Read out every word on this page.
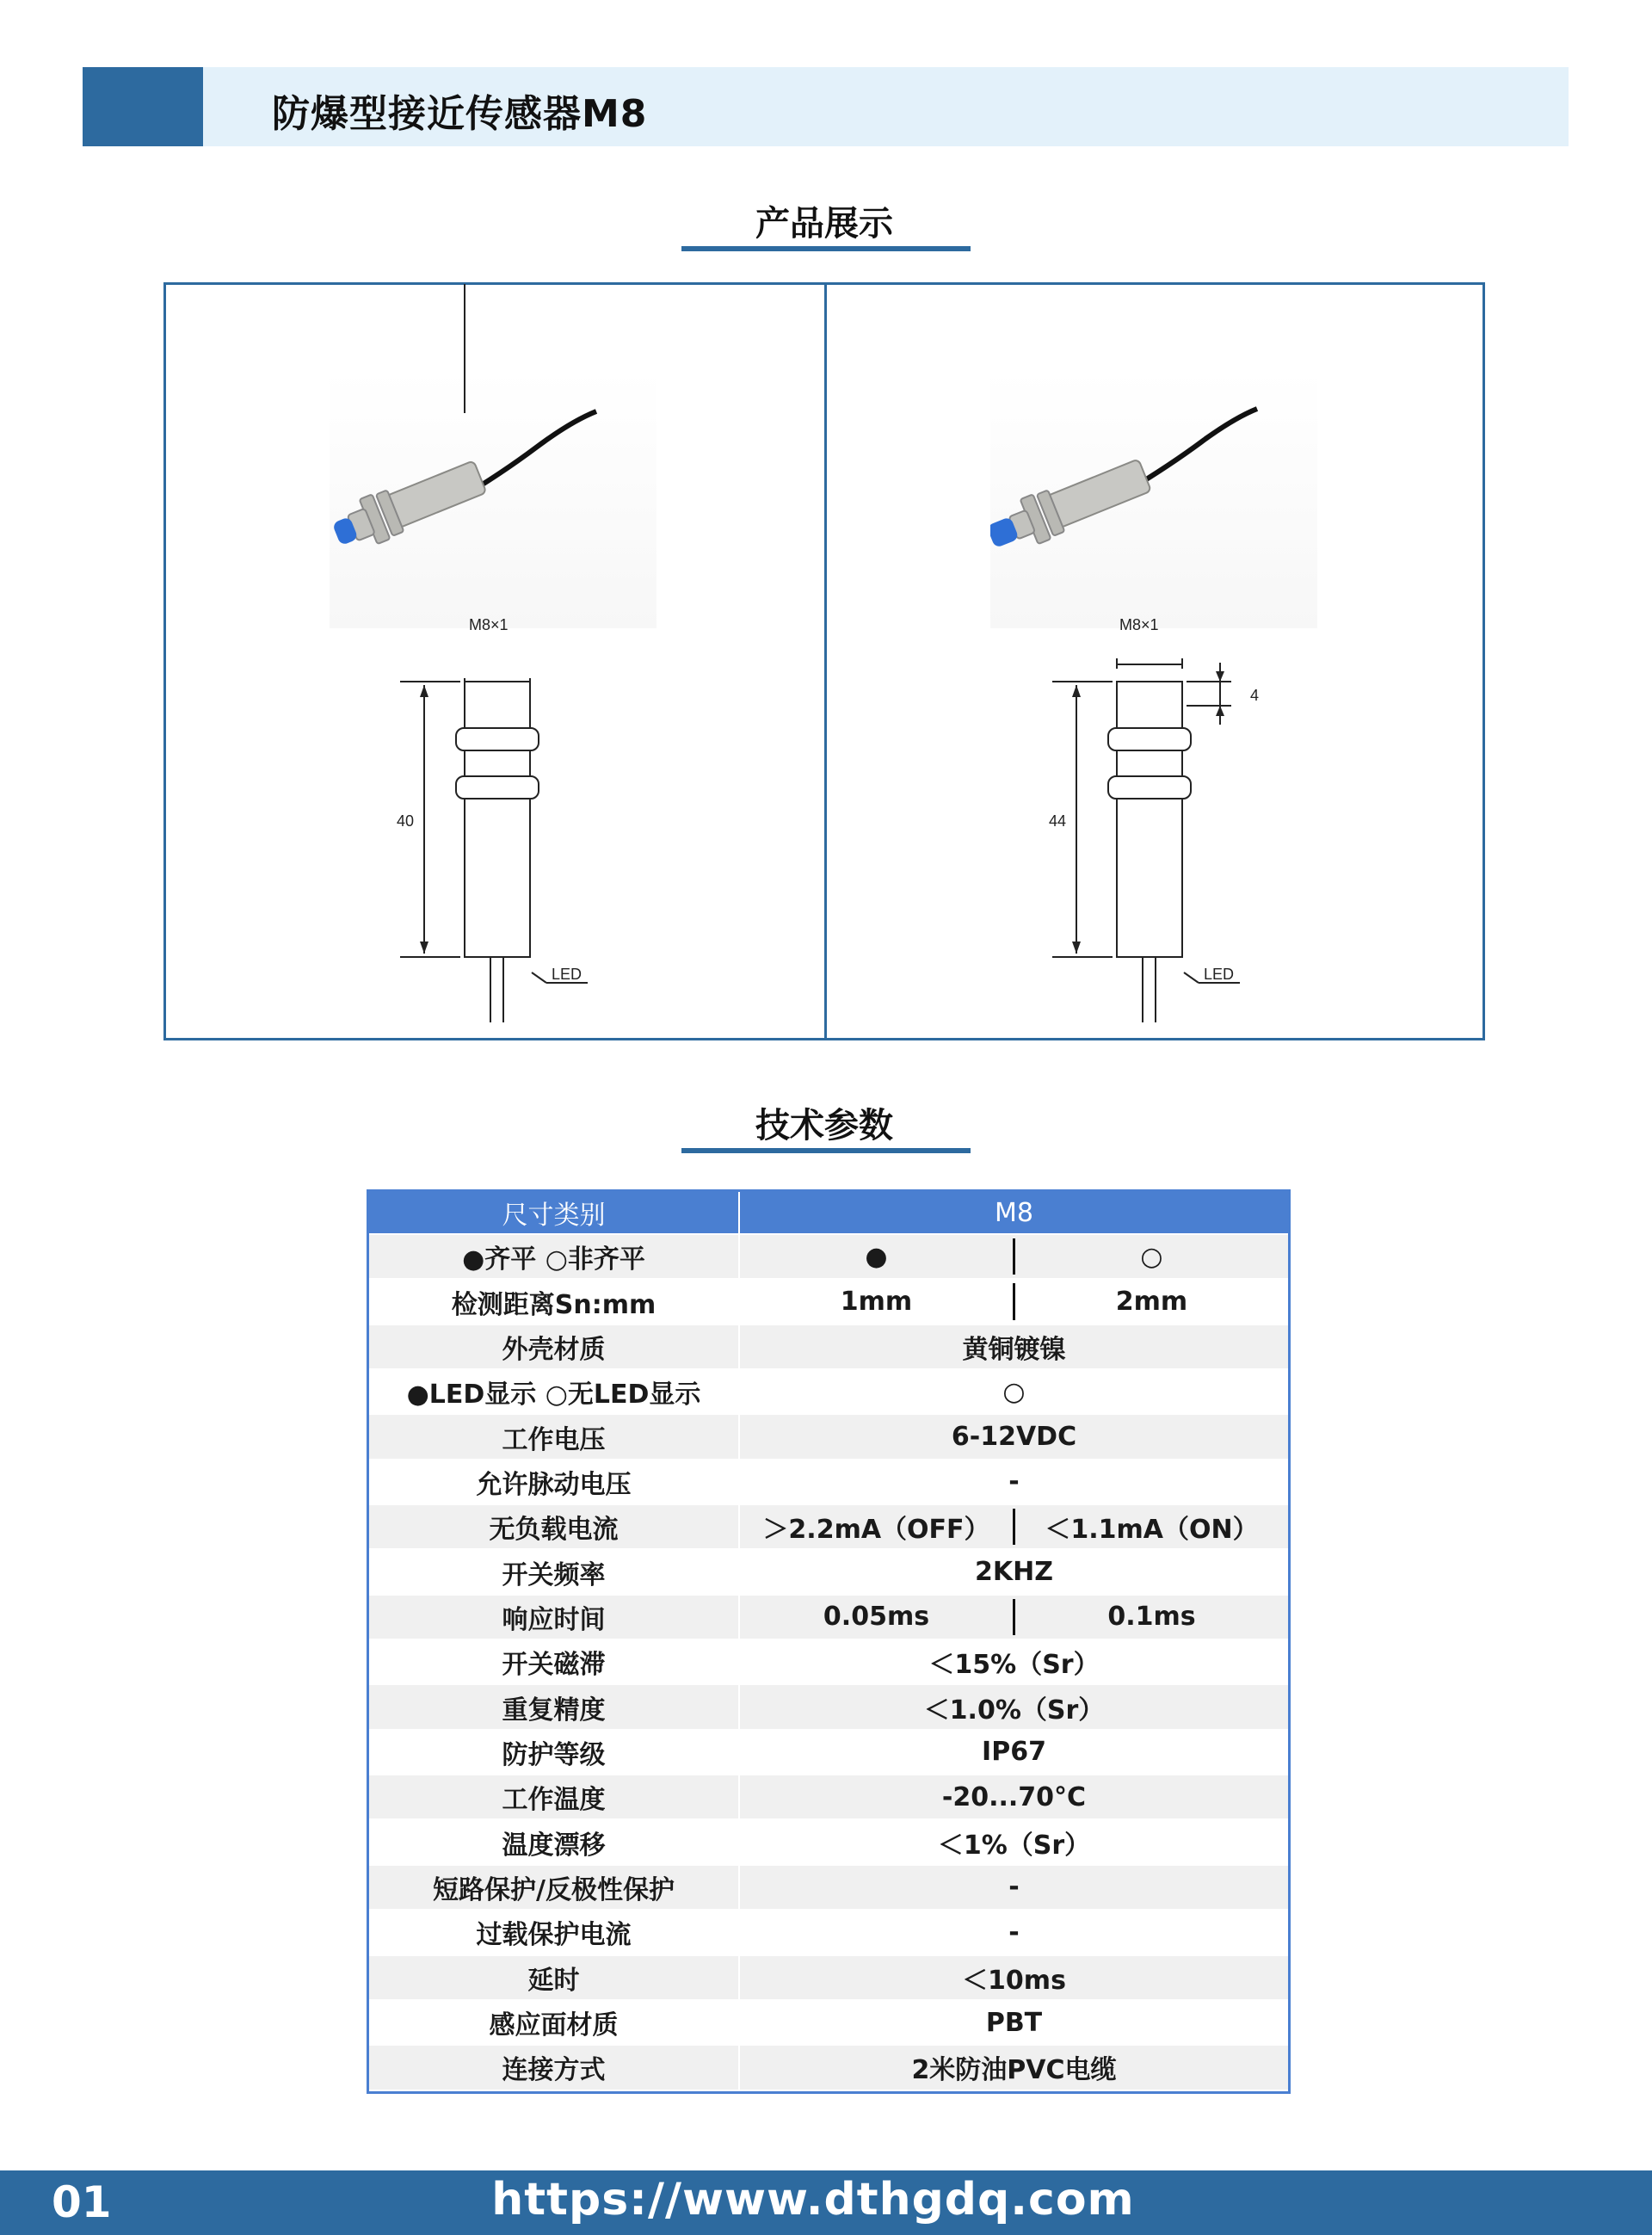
防爆型接近传感器M8
产品展示
M8×1
40
LED
M8×1
44
4
LED
技术参数
尺寸类别	M8
●齐平 ○非齐平	●	○
检测距离Sn:mm	1mm	2mm
外壳材质	黄铜镀镍
●LED显示 ○无LED显示	○
工作电压	6-12VDC
允许脉动电压	-
无负载电流	＞2.2mA（OFF）	＜1.1mA（ON）
开关频率	2KHZ
响应时间	0.05ms	0.1ms
开关磁滞	＜15%（Sr）
重复精度	＜1.0%（Sr）
防护等级	IP67
工作温度	-20...70°C
温度漂移	＜1%（Sr）
短路保护/反极性保护	-
过载保护电流	-
延时	＜10ms
感应面材质	PBT
连接方式	2米防油PVC电缆
01	https://www.dthgdq.com
